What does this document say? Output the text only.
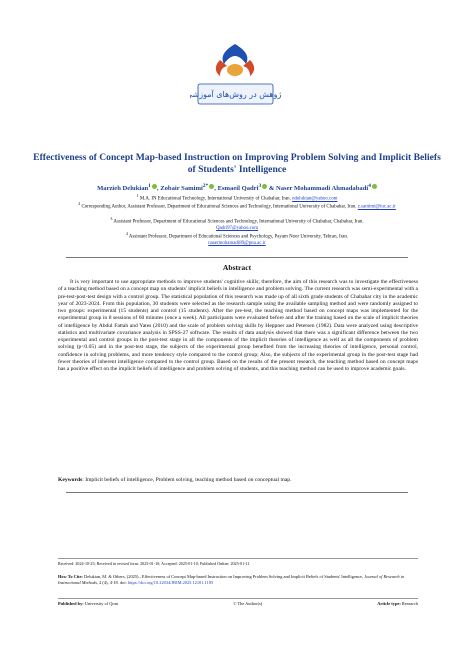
پژوهش در روش‌های آموزشی
Effectiveness of Concept Map-based Instruction on Improving Problem Solving and Implicit Beliefs of Students' Intelligence
Marzieh Delukian$^1$ , Zobair Samimi$^{2*}$ , Esmaeil Qadri$^3$ & Naser Mohammadi Ahmadabadi$^4$
$^1$ M.A. IN Educational Technology, International University of Chabahar, Iran. ndelukian@yahoo.com
$^2$ Corresponding Author, Assistant Professor, Department of Educational Sciences and Technology, International University of Chabahar, Iran. z.samimi@iuc.ac.ir
$^3$ Assistant Professor, Department of Educational Sciences and Technology, International University of Chabahar, Chabahar, Iran.
Qadri97@yahoo.com
$^4$ Assistant Professor, Department of Educational Sciences and Psychology, Payam Noor University, Tehran, Iran.
nasermohamadi89@pnu.ac.ir
Abstract
It is very important to use appropriate methods to improve students' cognitive skills; therefore, the aim of this research was to investigate the effectiveness of a teaching method based on a concept map on students' implicit beliefs in intelligence and problem solving. The current research was semi-experimental with a pre-test-post-test design with a control group. The statistical population of this research was made up of all sixth grade students of Chabahar city in the academic year of 2023-2024. From this population, 30 students were selected as the research sample using the available sampling method and were randomly assigned to two groups: experimental (15 students) and control (15 students). After the pre-test, the teaching method based on concept maps was implemented for the experimental group in 8 sessions of 60 minutes (once a week). All participants were evaluated before and after the training based on the scale of implicit theories of intelligence by Abdul Fattah and Yates (2010) and the scale of problem solving skills by Heppner and Petersen (1982). Data were analyzed using descriptive statistics and multivariate covariance analysis in SPSS-27 software. The results of data analysis showed that there was a significant difference between the two experimental and control groups in the post-test stage in all the components of the implicit theories of intelligence as well as all the components of problem solving (p<0.05) and in the post-test stage, the subjects of the experimental group benefited from the increasing theories of intelligence, personal control, confidence in solving problems, and more tendency style compared to the control group; Also, the subjects of the experimental group in the post-test stage had fewer theories of inherent intelligence compared to the control group. Based on the results of the present research, the teaching method based on concept maps has a positive effect on the implicit beliefs of intelligence and problem solving of students, and this teaching method can be used to improve academic goals.
Keywords: Implicit beliefs of intelligence, Problem solving, teaching method based on conceptual map.
Received: 2024-10-25; Received in revised form: 2025-01-10; Accepted: 2025-01-10; Published Online: 2025-01-11
How To Cite: Delukian, M. & Others, (2025)., Effectiveness of Concept Map-based Instruction on Improving Problem Solving and Implicit Beliefs of Students' Intelligence, Journal of Research in Instructional Methods, 2 (4), 4-18. doi: https://doi.org/10.22034/JRIM.2025.12101.1185
Published by: University of Qom	© The Author(s)	Article type: Research
